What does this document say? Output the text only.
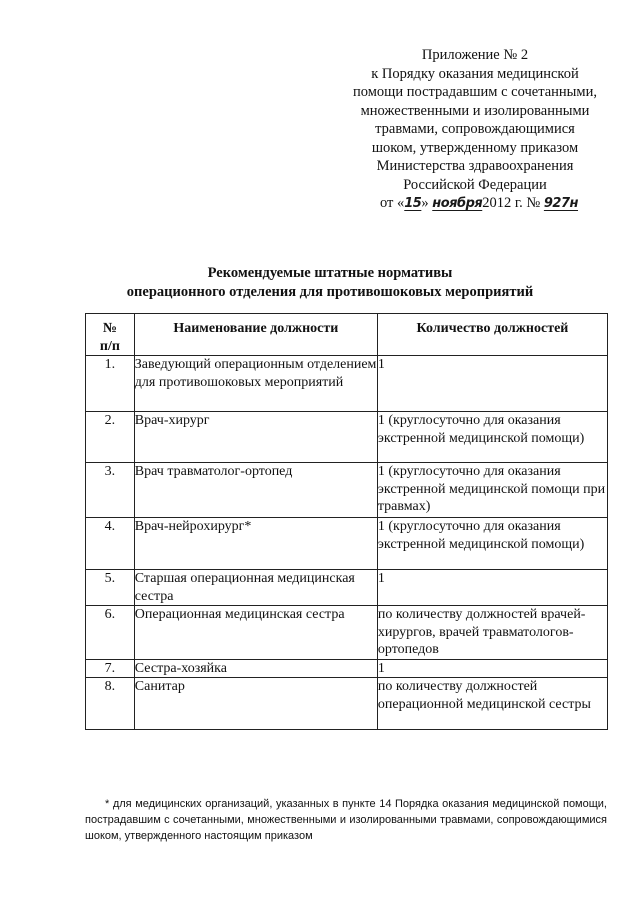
Приложение № 2
к Порядку оказания медицинской
помощи пострадавшим с сочетанными,
множественными и изолированными
травмами, сопровождающимися
шоком, утвержденному приказом
Министерства здравоохранения
Российской Федерации
от «15» ноября2012 г. № 927н
Рекомендуемые штатные нормативы
операционного отделения для противошоковых мероприятий
№
п/п	Наименование должности	Количество должностей
1.	Заведующий операционным отделением для противошоковых мероприятий	1
2.	Врач-хирург	1 (круглосуточно для оказания экстренной медицинской помощи)
3.	Врач травматолог-ортопед	1 (круглосуточно для оказания экстренной медицинской помощи при травмах)
4.	Врач-нейрохирург*	1 (круглосуточно для оказания экстренной медицинской помощи)
5.	Старшая операционная медицинская сестра	1
6.	Операционная медицинская сестра	по количеству должностей врачей- хирургов, врачей травматологов-ортопедов
7.	Сестра-хозяйка	1
8.	Санитар	по количеству должностей операционной медицинской сестры
* для медицинских организаций, указанных в пункте 14 Порядка оказания медицинской помощи, пострадавшим с сочетанными, множественными и изолированными травмами, сопровождающимися шоком, утвержденного настоящим приказом
